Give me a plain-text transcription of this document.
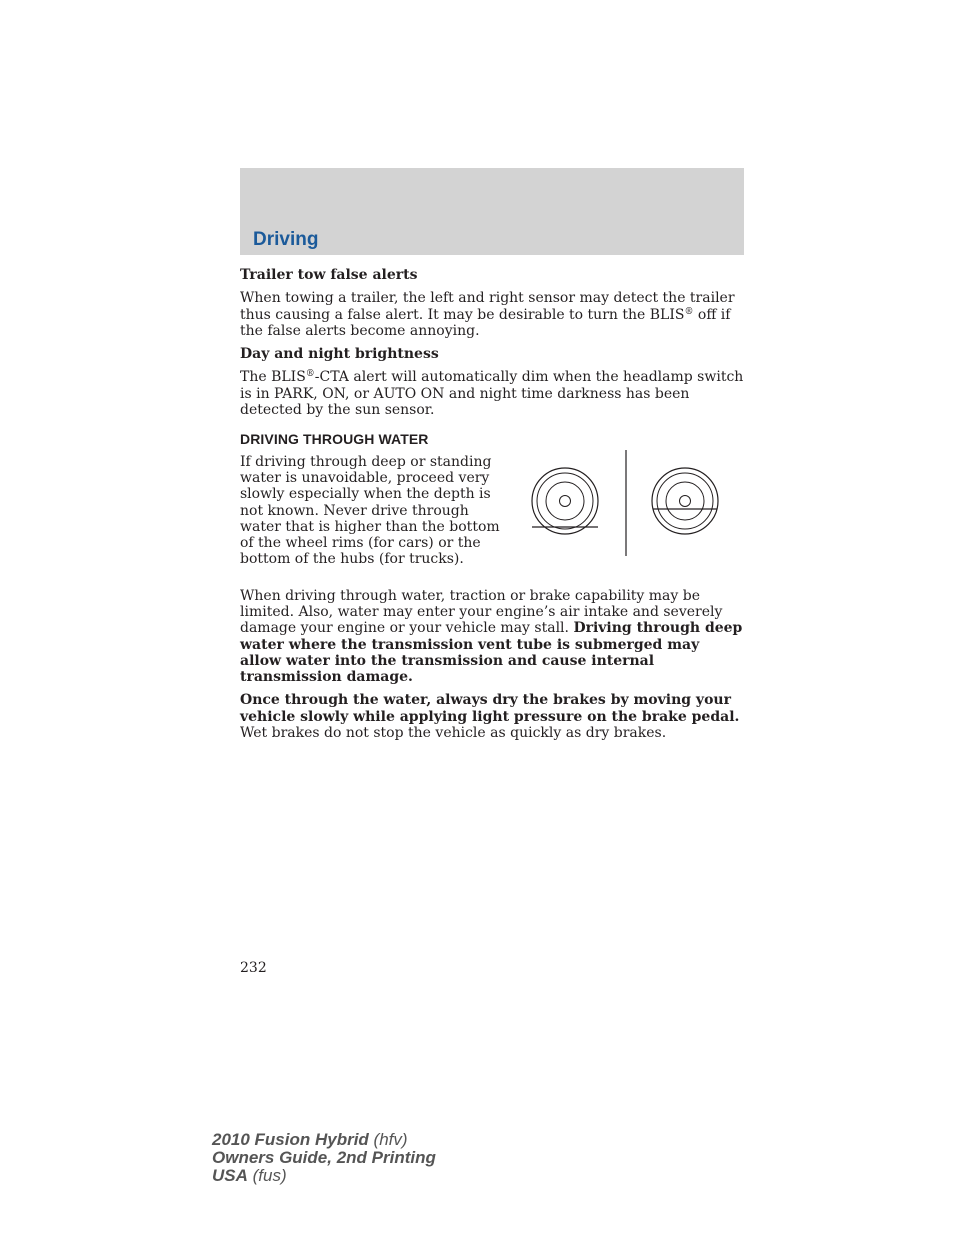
Driving

Trailer tow false alerts

When towing a trailer, the left and right sensor may detect the trailer thus causing a false alert. It may be desirable to turn the BLIS® off if the false alerts become annoying.

Day and night brightness

The BLIS®-CTA alert will automatically dim when the headlamp switch is in PARK, ON, or AUTO ON and night time darkness has been detected by the sun sensor.

DRIVING THROUGH WATER
If driving through deep or standing water is unavoidable, proceed very slowly especially when the depth is not known. Never drive through water that is higher than the bottom of the wheel rims (for cars) or the bottom of the hubs (for trucks).

When driving through water, traction or brake capability may be limited. Also, water may enter your engine’s air intake and severely damage your engine or your vehicle may stall. Driving through deep water where the transmission vent tube is submerged may allow water into the transmission and cause internal transmission damage.

Once through the water, always dry the brakes by moving your vehicle slowly while applying light pressure on the brake pedal. Wet brakes do not stop the vehicle as quickly as dry brakes.

232
2010 Fusion Hybrid (hfv)
Owners Guide, 2nd Printing
USA (fus)
